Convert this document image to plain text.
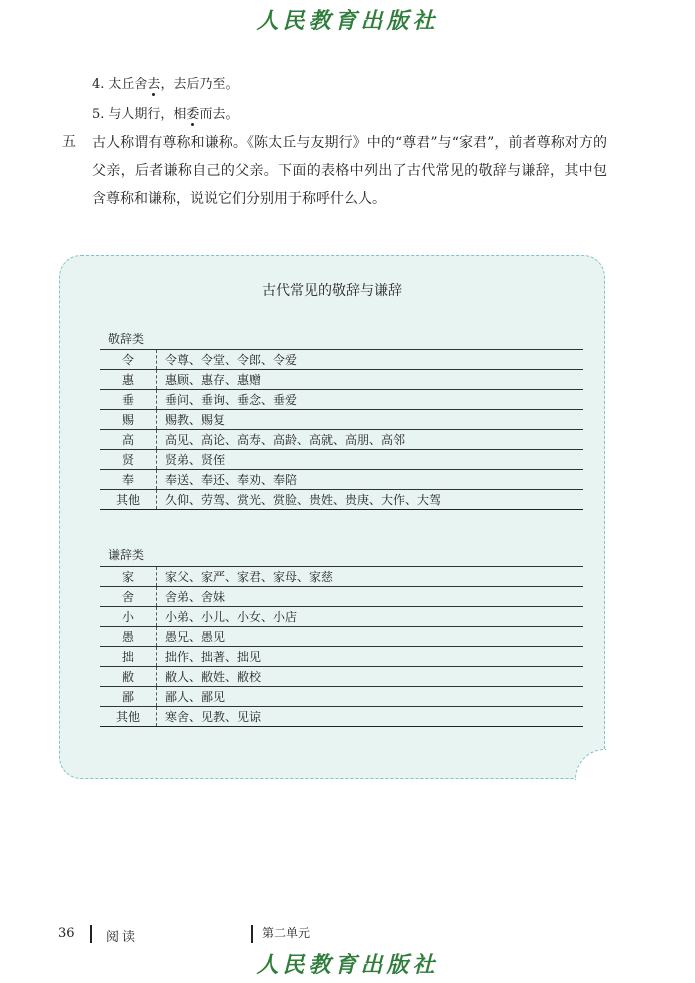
人民教育出版社
4. 太丘舍去，去后乃至。
5. 与人期行，相委而去。
五 古人称谓有尊称和谦称。《陈太丘与友期行》中的“尊君”与“家君”，前者尊称对方的父亲，后者谦称自己的父亲。下面的表格中列出了古代常见的敬辞与谦辞，其中包含尊称和谦称，说说它们分别用于称呼什么人。

古代常见的敬辞与谦辞
敬辞类
令	令尊、令堂、令郎、令爱
惠	惠顾、惠存、惠赠
垂	垂问、垂询、垂念、垂爱
赐	赐教、赐复
高	高见、高论、高寿、高龄、高就、高朋、高邻
贤	贤弟、贤侄
奉	奉送、奉还、奉劝、奉陪
其他	久仰、劳驾、赏光、赏脸、贵姓、贵庚、大作、大驾
谦辞类
家	家父、家严、家君、家母、家慈
舍	舍弟、舍妹
小	小弟、小儿、小女、小店
愚	愚兄、愚见
拙	拙作、拙著、拙见
敝	敝人、敝姓、敝校
鄙	鄙人、鄙见
其他	寒舍、见教、见谅
36 阅读	第二单元
人民教育出版社
